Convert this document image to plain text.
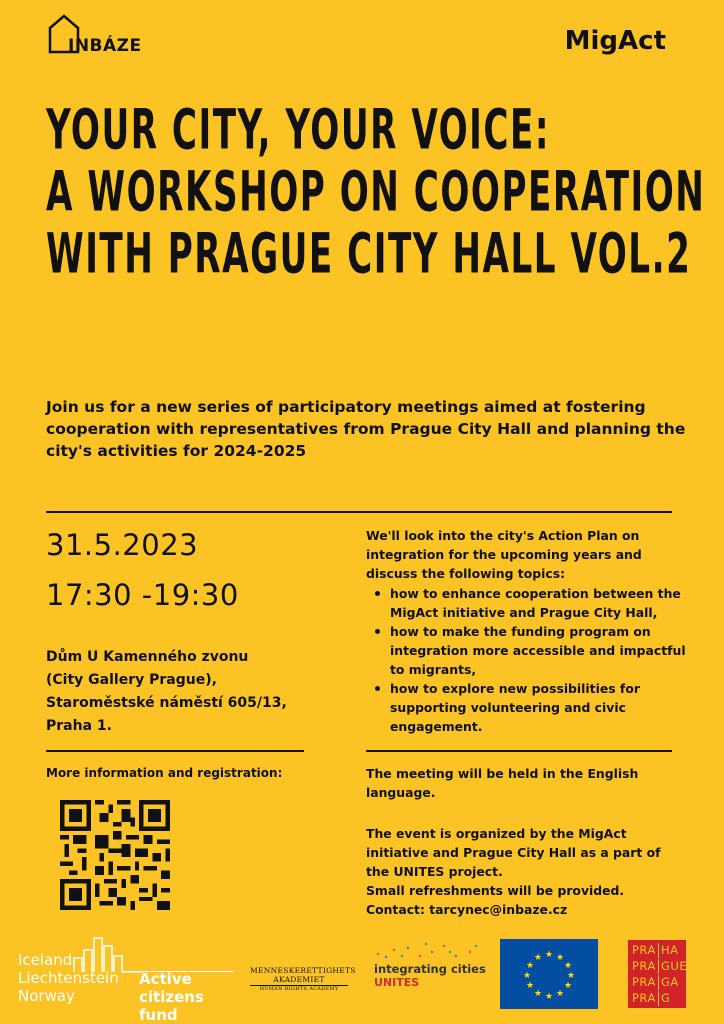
INBÁZE	MigAct
YOUR CITY, YOUR VOICE:
A WORKSHOP ON COOPERATION
WITH PRAGUE CITY HALL VOL.2
Join us for a new series of participatory meetings aimed at fostering cooperation with representatives from Prague City Hall and planning the city's activities for 2024-2025
31.5.2023
17:30 -19:30
Dům U Kamenného zvonu
(City Gallery Prague),
Staroměstské náměstí 605/13,
Praha 1.
More information and registration:
We'll look into the city's Action Plan on integration for the upcoming years and discuss the following topics:
how to enhance cooperation between the MigAct initiative and Prague City Hall,
how to make the funding program on integration more accessible and impactful to migrants,
how to explore new possibilities for supporting volunteering and civic engagement.
The meeting will be held in the English language.
The event is organized by the MigAct initiative and Prague City Hall as a part of the UNITES project.
Small refreshments will be provided.
Contact: tarcynec@inbaze.cz
Iceland
Liechtenstein
Norway
Active
citizens fund
MENNESKERETTIGHETS AKADEMIET
HUMAN RIGHTS ACADEMY
integrating cities
UNITES
★ ★
★
★
★
★
★
★
★
★
★
★
PRA HA
PRA GUE
PRA GA
PRA G
